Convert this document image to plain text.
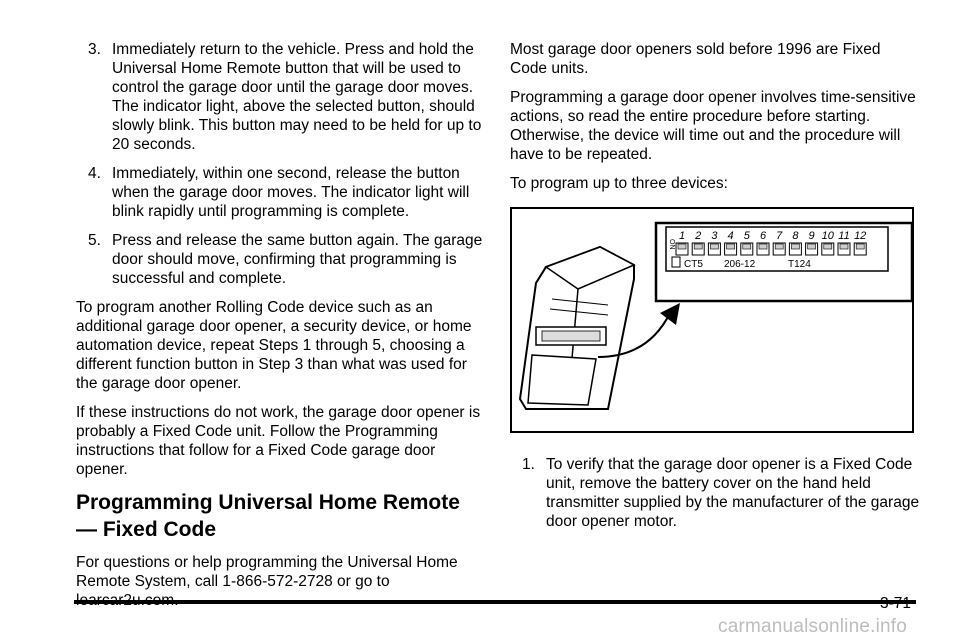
3. Immediately return to the vehicle. Press and hold the Universal Home Remote button that will be used to control the garage door until the garage door moves. The indicator light, above the selected button, should slowly blink. This button may need to be held for up to 20 seconds.
4. Immediately, within one second, release the button when the garage door moves. The indicator light will blink rapidly until programming is complete.
5. Press and release the same button again. The garage door should move, confirming that programming is successful and complete.

To program another Rolling Code device such as an additional garage door opener, a security device, or home automation device, repeat Steps 1 through 5, choosing a different function button in Step 3 than what was used for the garage door opener.

If these instructions do not work, the garage door opener is probably a Fixed Code unit. Follow the Programming instructions that follow for a Fixed Code garage door opener.

Programming Universal Home Remote — Fixed Code

For questions or help programming the Universal Home Remote System, call 1-866-572-2728 or go to

Most garage door openers sold before 1996 are Fixed Code units.

Programming a garage door opener involves time-sensitive actions, so read the entire procedure before starting. Otherwise, the device will time out and the procedure will have to be repeated.

To program up to three devices:

ON
1 2 3 4 5 6 7 8 9 10 11 12
CT5 206-12	T124
1. To verify that the garage door opener is a Fixed Code unit, remove the battery cover on the hand held transmitter supplied by the manufacturer of the garage door opener motor.
3-71
carmanualsonline.info
